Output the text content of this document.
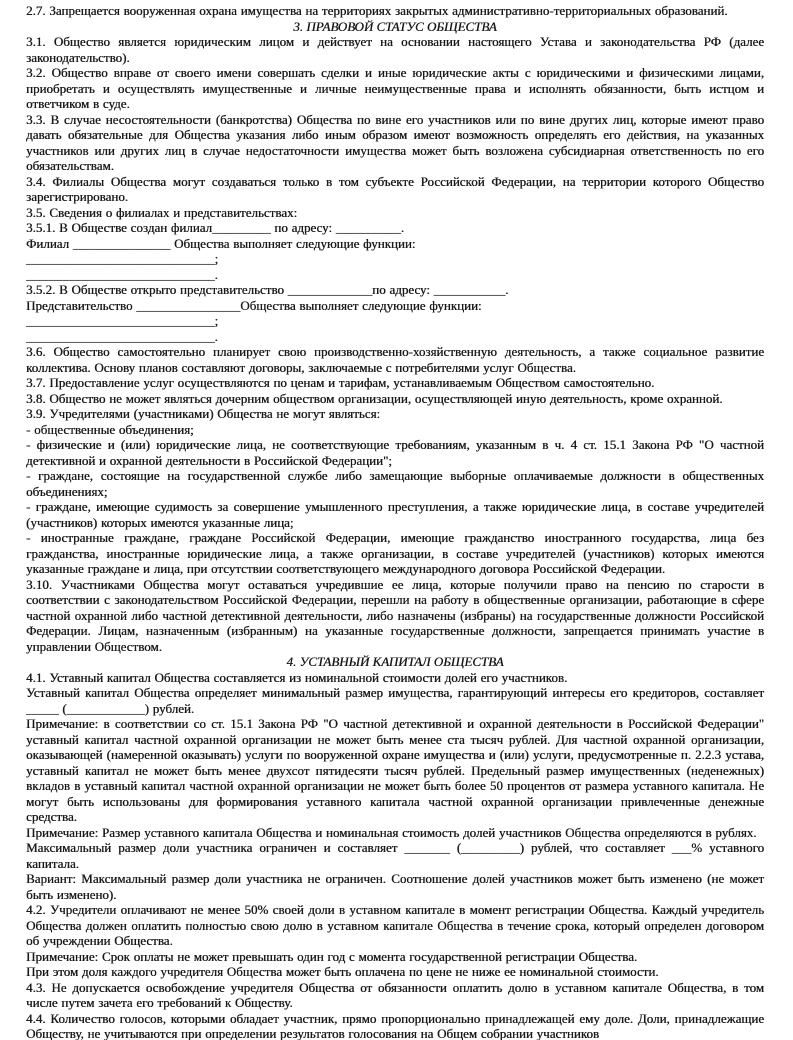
2.7. Запрещается вооруженная охрана имущества на территориях закрытых административно-территориальных образований.
3. ПРАВОВОЙ СТАТУС ОБЩЕСТВА
3.1. Общество является юридическим лицом и действует на основании настоящего Устава и законодательства РФ (далее законодательство).
3.2. Общество вправе от своего имени совершать сделки и иные юридические акты с юридическими и физическими лицами, приобретать и осуществлять имущественные и личные неимущественные права и исполнять обязанности, быть истцом и ответчиком в суде.
3.3. В случае несостоятельности (банкротства) Общества по вине его участников или по вине других лиц, которые имеют право давать обязательные для Общества указания либо иным образом имеют возможность определять его действия, на указанных участников или других лиц в случае недостаточности имущества может быть возложена субсидиарная ответственность по его обязательствам.
3.4. Филиалы Общества могут создаваться только в том субъекте Российской Федерации, на территории которого Общество зарегистрировано.
3.5. Сведения о филиалах и представительствах:
3.5.1. В Обществе создан филиал_________ по адресу: __________.
Филиал _______________ Общества выполняет следующие функции:
_____________________________;
_____________________________.
3.5.2. В Обществе открыто представительство _____________по адресу: ___________.
Представительство ________________Общества выполняет следующие функции:
_____________________________;
_____________________________.
3.6. Общество самостоятельно планирует свою производственно-хозяйственную деятельность, а также социальное развитие коллектива. Основу планов составляют договоры, заключаемые с потребителями услуг Общества.
3.7. Предоставление услуг осуществляются по ценам и тарифам, устанавливаемым Обществом самостоятельно.
3.8. Общество не может являться дочерним обществом организации, осуществляющей иную деятельность, кроме охранной.
3.9. Учредителями (участниками) Общества не могут являться:
- общественные объединения;
- физические и (или) юридические лица, не соответствующие требованиям, указанным в ч. 4 ст. 15.1 Закона РФ "О частной детективной и охранной деятельности в Российской Федерации";
- граждане, состоящие на государственной службе либо замещающие выборные оплачиваемые должности в общественных объединениях;
- граждане, имеющие судимость за совершение умышленного преступления, а также юридические лица, в составе учредителей (участников) которых имеются указанные лица;
- иностранные граждане, граждане Российской Федерации, имеющие гражданство иностранного государства, лица без гражданства, иностранные юридические лица, а также организации, в составе учредителей (участников) которых имеются указанные граждане и лица, при отсутствии соответствующего международного договора Российской Федерации.
3.10. Участниками Общества могут оставаться учредившие ее лица, которые получили право на пенсию по старости в соответствии с законодательством Российской Федерации, перешли на работу в общественные организации, работающие в сфере частной охранной либо частной детективной деятельности, либо назначены (избраны) на государственные должности Российской Федерации. Лицам, назначенным (избранным) на указанные государственные должности, запрещается принимать участие в управлении Обществом.
4. УСТАВНЫЙ КАПИТАЛ ОБЩЕСТВА
4.1. Уставный капитал Общества составляется из номинальной стоимости долей его участников.
Уставный капитал Общества определяет минимальный размер имущества, гарантирующий интересы его кредиторов, составляет _____ (____________) рублей.
Примечание: в соответствии со ст. 15.1 Закона РФ "О частной детективной и охранной деятельности в Российской Федерации" уставный капитал частной охранной организации не может быть менее ста тысяч рублей. Для частной охранной организации, оказывающей (намеренной оказывать) услуги по вооруженной охране имущества и (или) услуги, предусмотренные п. 2.2.3 устава, уставный капитал не может быть менее двухсот пятидесяти тысяч рублей. Предельный размер имущественных (неденежных) вкладов в уставный капитал частной охранной организации не может быть более 50 процентов от размера уставного капитала. Не могут быть использованы для формирования уставного капитала частной охранной организации привлеченные денежные средства.
Примечание: Размер уставного капитала Общества и номинальная стоимость долей участников Общества определяются в рублях.
Максимальный размер доли участника ограничен и составляет _______ (_________) рублей, что составляет ___% уставного капитала.
Вариант: Максимальный размер доли участника не ограничен. Соотношение долей участников может быть изменено (не может быть изменено).
4.2. Учредители оплачивают не менее 50% своей доли в уставном капитале в момент регистрации Общества. Каждый учредитель Общества должен оплатить полностью свою долю в уставном капитале Общества в течение срока, который определен договором об учреждении Общества.
Примечание: Срок оплаты не может превышать один год с момента государственной регистрации Общества.
При этом доля каждого учредителя Общества может быть оплачена по цене не ниже ее номинальной стоимости.
4.3. Не допускается освобождение учредителя Общества от обязанности оплатить долю в уставном капитале Общества, в том числе путем зачета его требований к Обществу.
4.4. Количество голосов, которыми обладает участник, прямо пропорционально принадлежащей ему доле. Доли, принадлежащие Обществу, не учитываются при определении результатов голосования на Общем собрании участников
